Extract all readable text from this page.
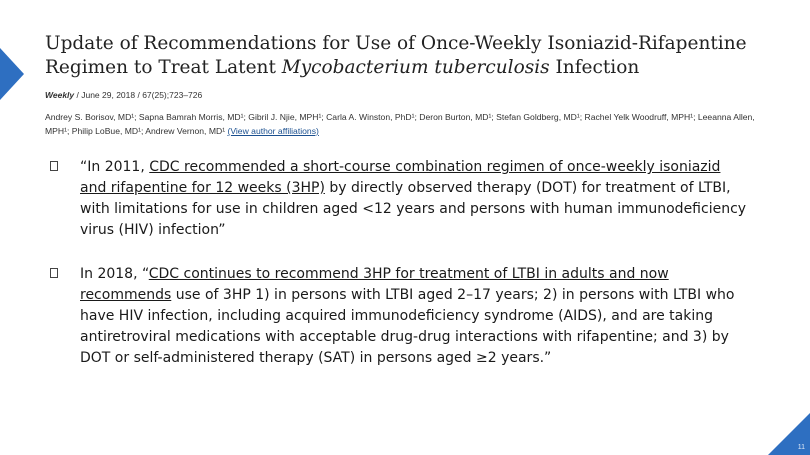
Update of Recommendations for Use of Once-Weekly Isoniazid-Rifapentine Regimen to Treat Latent Mycobacterium tuberculosis Infection
Weekly / June 29, 2018 / 67(25);723–726
Andrey S. Borisov, MD¹; Sapna Bamrah Morris, MD¹; Gibril J. Njie, MPH¹; Carla A. Winston, PhD¹; Deron Burton, MD¹; Stefan Goldberg, MD¹; Rachel Yelk Woodruff, MPH¹; Leeanna Allen, MPH¹; Philip LoBue, MD¹; Andrew Vernon, MD¹ (View author affiliations)
“In 2011, CDC recommended a short-course combination regimen of once-weekly isoniazid and rifapentine for 12 weeks (3HP) by directly observed therapy (DOT) for treatment of LTBI, with limitations for use in children aged <12 years and persons with human immunodeficiency virus (HIV) infection”
In 2018, “CDC continues to recommend 3HP for treatment of LTBI in adults and now recommends use of 3HP 1) in persons with LTBI aged 2–17 years; 2) in persons with LTBI who have HIV infection, including acquired immunodeficiency syndrome (AIDS), and are taking antiretroviral medications with acceptable drug-drug interactions with rifapentine; and 3) by DOT or self-administered therapy (SAT) in persons aged ≥2 years.”
11
